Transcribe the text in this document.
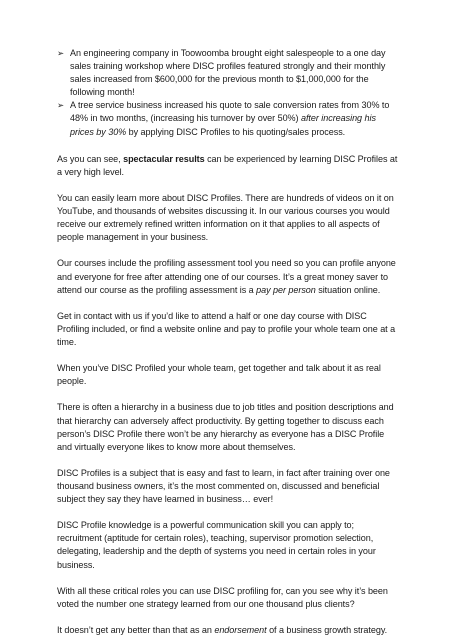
➢ An engineering company in Toowoomba brought eight salespeople to a one day sales training workshop where DISC profiles featured strongly and their monthly sales increased from $600,000 for the previous month to $1,000,000 for the following month!

➢ A tree service business increased his quote to sale conversion rates from 30% to 48% in two months, (increasing his turnover by over 50%) after increasing his prices by 30% by applying DISC Profiles to his quoting/sales process.

As you can see, spectacular results can be experienced by learning DISC Profiles at a very high level.

You can easily learn more about DISC Profiles. There are hundreds of videos on it on YouTube, and thousands of websites discussing it. In our various courses you would receive our extremely refined written information on it that applies to all aspects of people management in your business.

Our courses include the profiling assessment tool you need so you can profile anyone and everyone for free after attending one of our courses. It’s a great money saver to attend our course as the profiling assessment is a pay per person situation online.

Get in contact with us if you’d like to attend a half or one day course with DISC Profiling included, or find a website online and pay to profile your whole team one at a time.

When you’ve DISC Profiled your whole team, get together and talk about it as real people.

There is often a hierarchy in a business due to job titles and position descriptions and that hierarchy can adversely affect productivity. By getting together to discuss each person’s DISC Profile there won’t be any hierarchy as everyone has a DISC Profile and virtually everyone likes to know more about themselves.

DISC Profiles is a subject that is easy and fast to learn, in fact after training over one thousand business owners, it’s the most commented on, discussed and beneficial subject they say they have learned in business… ever!

DISC Profile knowledge is a powerful communication skill you can apply to; recruitment (aptitude for certain roles), teaching, supervisor promotion selection, delegating, leadership and the depth of systems you need in certain roles in your business.

With all these critical roles you can use DISC profiling for, can you see why it’s been voted the number one strategy learned from our one thousand plus clients?

It doesn’t get any better than that as an endorsement of a business growth strategy.
